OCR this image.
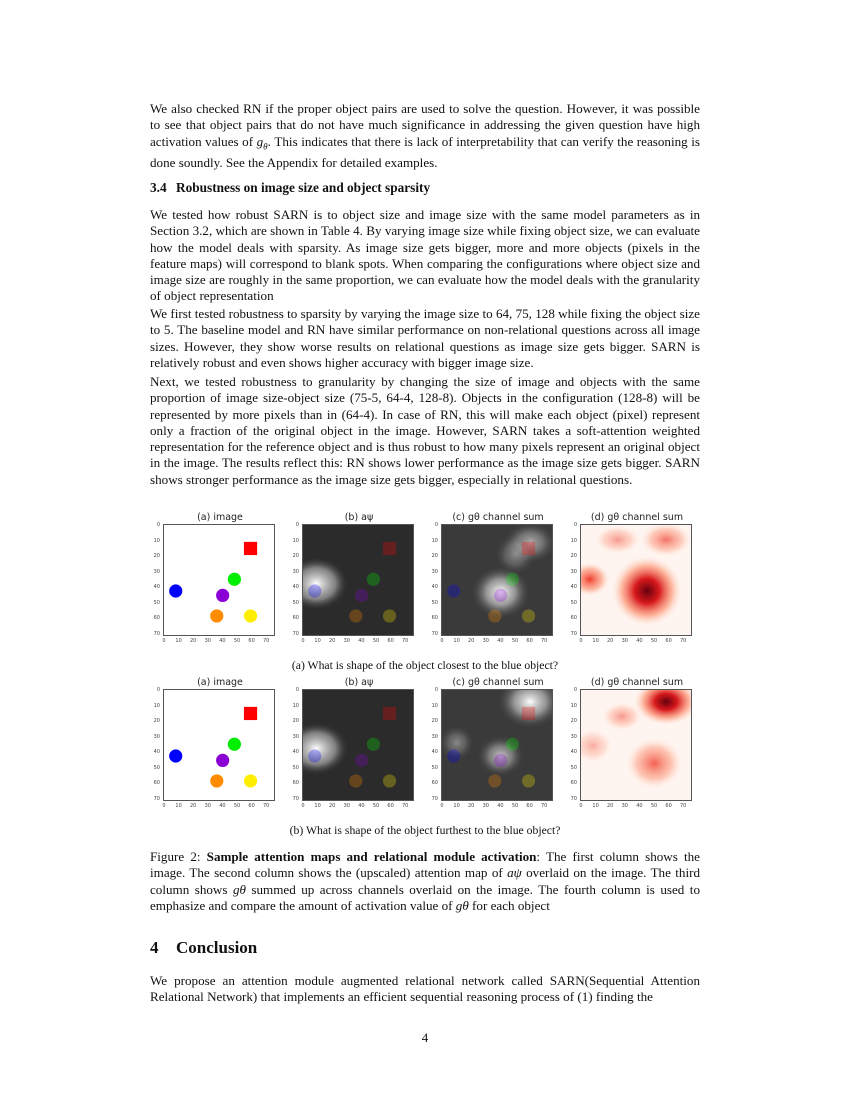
We also checked RN if the proper object pairs are used to solve the question. However, it was possible to see that object pairs that do not have much significance in addressing the given question have high activation values of $g_\theta$. This indicates that there is lack of interpretability that can verify the reasoning is done soundly. See the Appendix for detailed examples.

3.4 Robustness on image size and object sparsity

We tested how robust SARN is to object size and image size with the same model parameters as in Section 3.2, which are shown in Table 4. By varying image size while fixing object size, we can evaluate how the model deals with sparsity. As image size gets bigger, more and more objects (pixels in the feature maps) will correspond to blank spots. When comparing the configurations where object size and image size are roughly in the same proportion, we can evaluate how the model deals with the granularity of object representation

We first tested robustness to sparsity by varying the image size to 64, 75, 128 while fixing the object size to 5. The baseline model and RN have similar performance on non-relational questions across all image sizes. However, they show worse results on relational questions as image size gets bigger. SARN is relatively robust and even shows higher accuracy with bigger image size.

Next, we tested robustness to granularity by changing the size of image and objects with the same proportion of image size-object size (75-5, 64-4, 128-8). Objects in the configuration (128-8) will be represented by more pixels than in (64-4). In case of RN, this will make each object (pixel) represent only a fraction of the original object in the image. However, SARN takes a soft-attention weighted representation for the reference object and is thus robust to how many pixels represent an original object in the image. The results reflect this: RN shows lower performance as the image size gets bigger. SARN shows stronger performance as the image size gets bigger, especially in relational questions.

(a) image
0
10
20
30
40
50
60
70
0	10	20	30	40	50	60	70
(b) aψ
0
10
20
30
40
50
60
70
0	10	20	30	40	50	60	70
(c) gθ channel sum
0
10
20
30
40
50
60
70
0	10	20	30	40	50	60	70
(d) gθ channel sum
0
10
20
30
40
50
60
70
0	10	20	30	40	50	60	70
(a) What is shape of the object closest to the blue object?
(a) image
0
10
20
30
40
50
60
70
0	10	20	30	40	50	60	70
(b) aψ
0
10
20
30
40
50
60
70
0	10	20	30	40	50	60	70
(c) gθ channel sum
0
10
20
30
40
50
60
70
0	10	20	30	40	50	60	70
(d) gθ channel sum
0
10
20
30
40
50
60
70
0	10	20	30	40	50	60	70
(b) What is shape of the object furthest to the blue object?
Figure 2: Sample attention maps and relational module activation: The first column shows the image. The second column shows the (upscaled) attention map of aψ overlaid on the image. The third column shows gθ summed up across channels overlaid on the image. The fourth column is used to emphasize and compare the amount of activation value of gθ for each object
4 Conclusion

We propose an attention module augmented relational network called SARN(Sequential Attention Relational Network) that implements an efficient sequential reasoning process of (1) finding the

4
